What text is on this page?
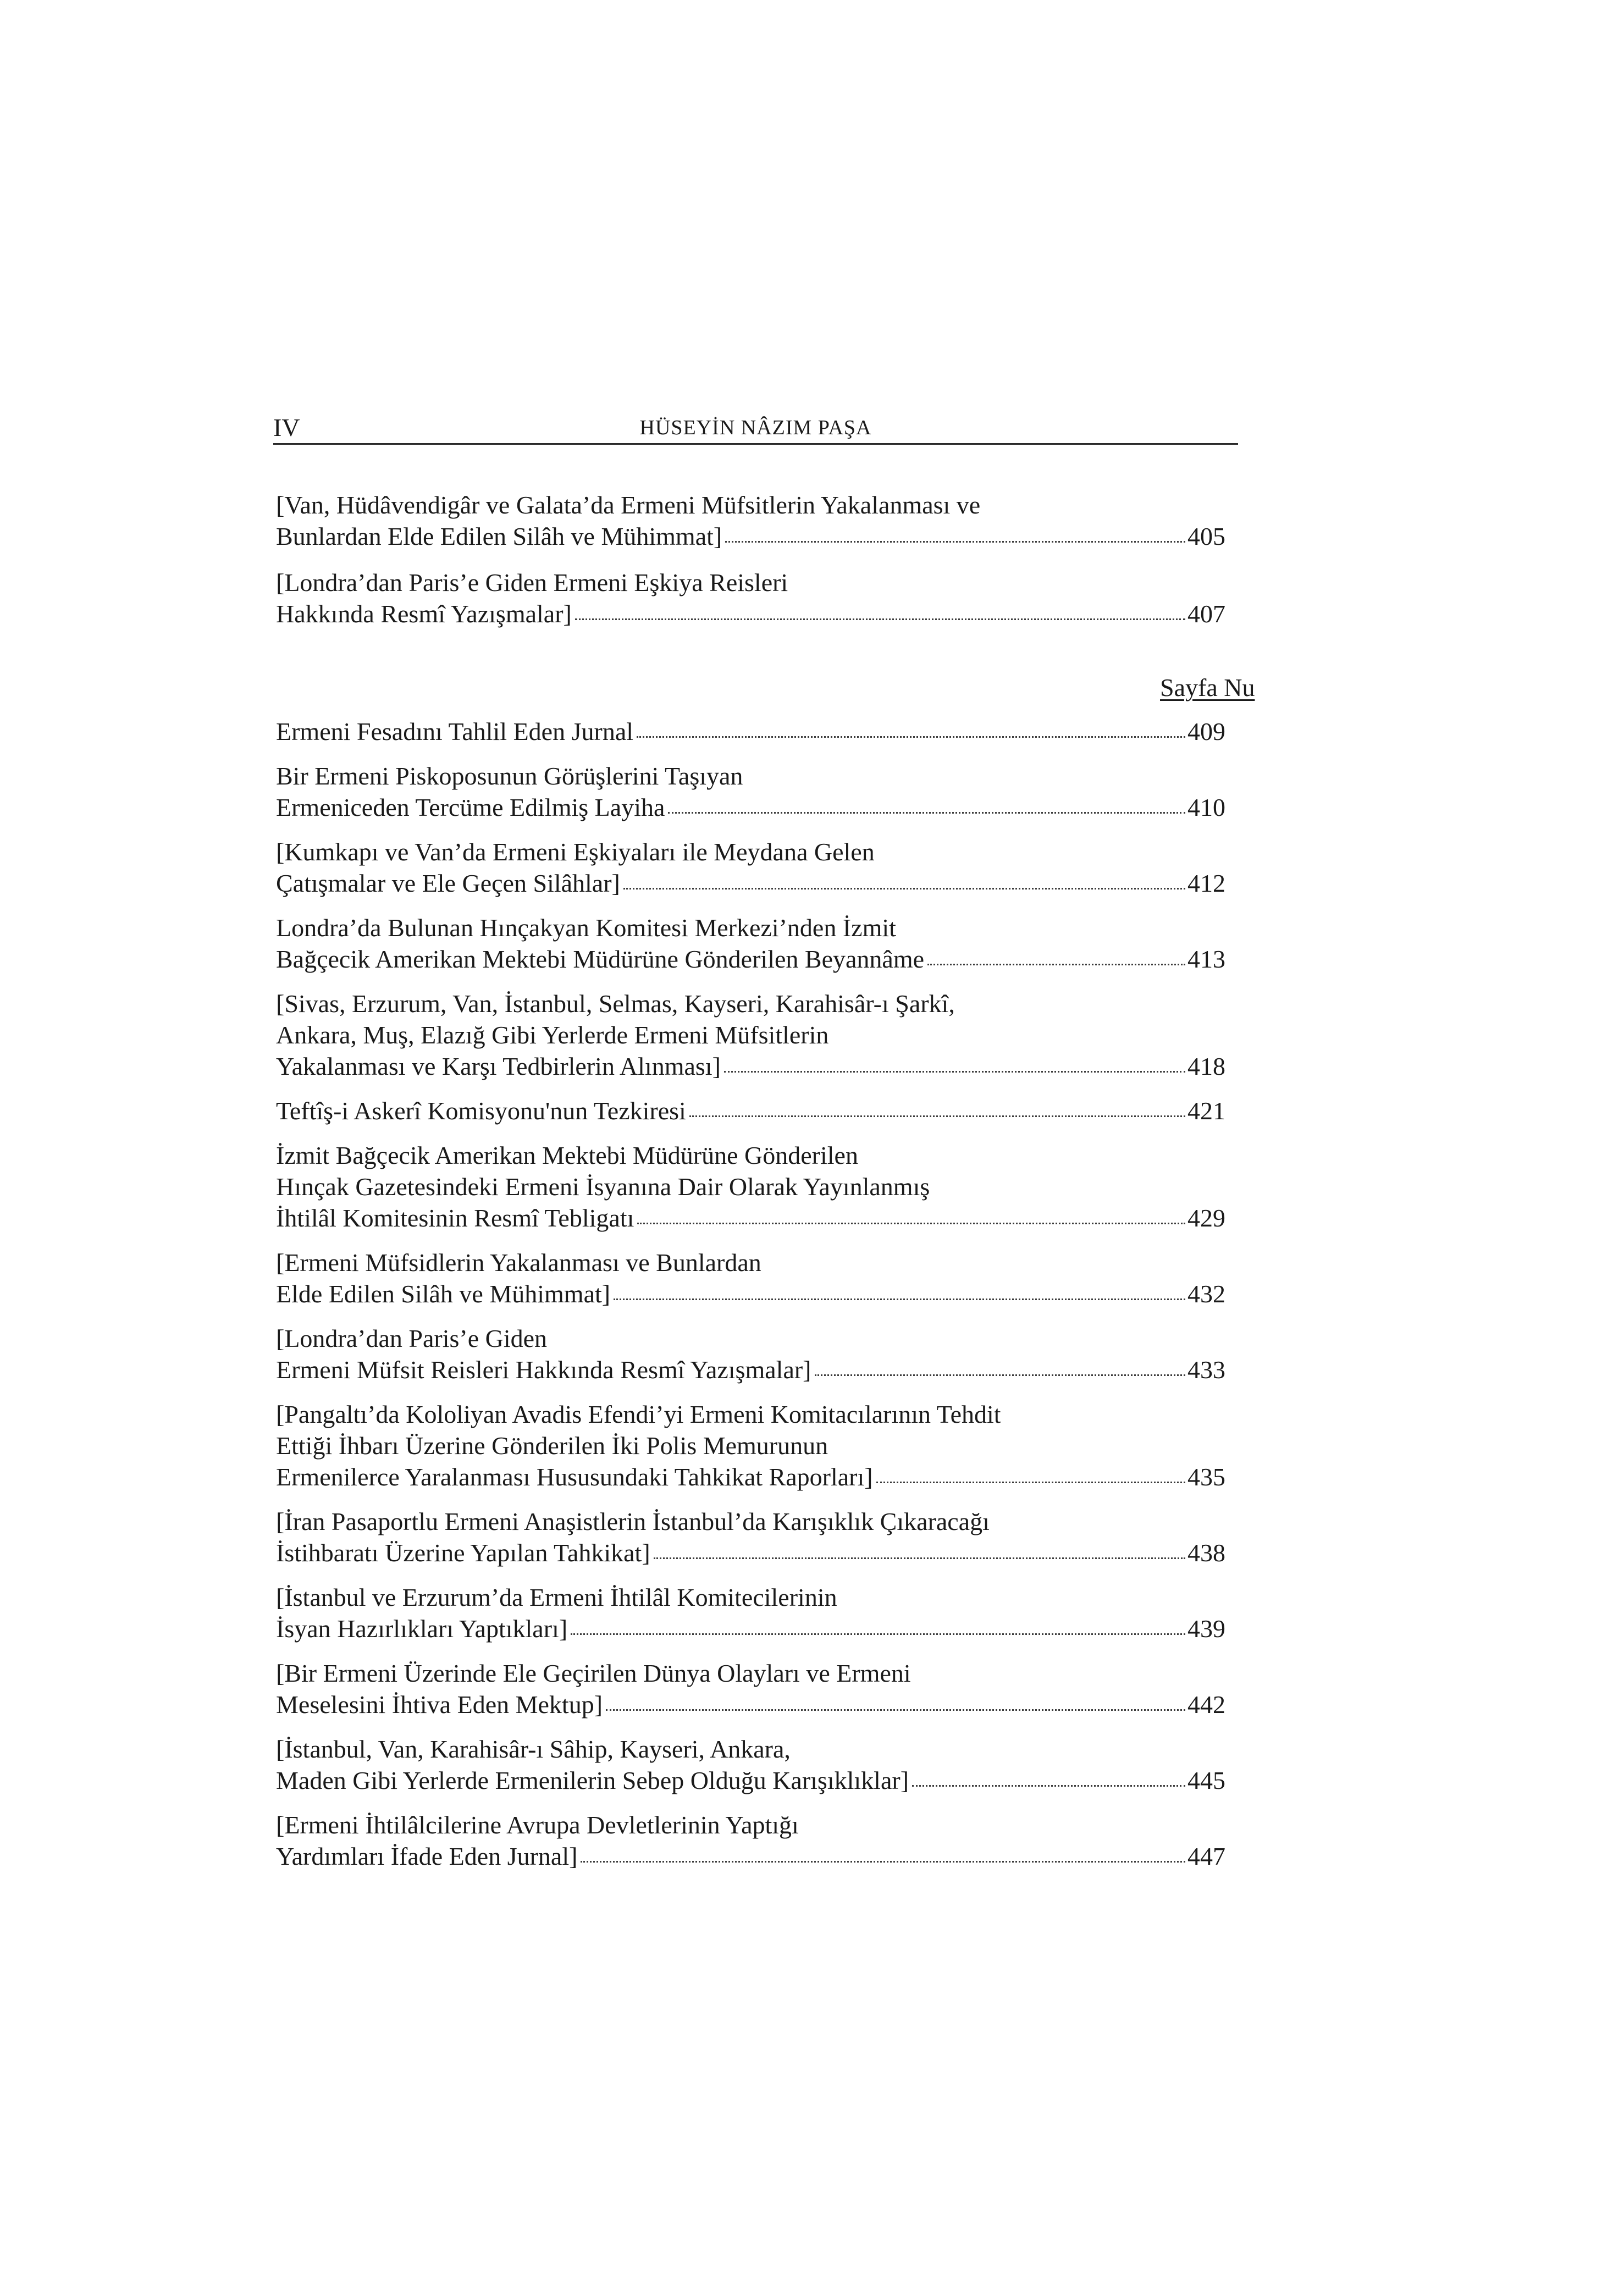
IV	HÜSEYİN NÂZIM PAŞA
[Van, Hüdâvendigâr ve Galata’da Ermeni Müfsitlerin Yakalanması ve
Bunlardan Elde Edilen Silâh ve Mühimmat]	405
[Londra’dan Paris’e Giden Ermeni Eşkiya Reisleri
Hakkında Resmî Yazışmalar]	407
Sayfa Nu
Ermeni Fesadını Tahlil Eden Jurnal	409
Bir Ermeni Piskoposunun Görüşlerini Taşıyan
Ermeniceden Tercüme Edilmiş Layiha	410
[Kumkapı ve Van’da Ermeni Eşkiyaları ile Meydana Gelen
Çatışmalar ve Ele Geçen Silâhlar]	412
Londra’da Bulunan Hınçakyan Komitesi Merkezi’nden İzmit
Bağçecik Amerikan Mektebi Müdürüne Gönderilen Beyannâme	413
[Sivas, Erzurum, Van, İstanbul, Selmas, Kayseri, Karahisâr-ı Şarkî,
Ankara, Muş, Elazığ Gibi Yerlerde Ermeni Müfsitlerin
Yakalanması ve Karşı Tedbirlerin Alınması]	418
Teftîş-i Askerî Komisyonu'nun Tezkiresi	421
İzmit Bağçecik Amerikan Mektebi Müdürüne Gönderilen
Hınçak Gazetesindeki Ermeni İsyanına Dair Olarak Yayınlanmış
İhtilâl Komitesinin Resmî Tebligatı	429
[Ermeni Müfsidlerin Yakalanması ve Bunlardan
Elde Edilen Silâh ve Mühimmat]	432
[Londra’dan Paris’e Giden
Ermeni Müfsit Reisleri Hakkında Resmî Yazışmalar]	433
[Pangaltı’da Kololiyan Avadis Efendi’yi Ermeni Komitacılarının Tehdit
Ettiği İhbarı Üzerine Gönderilen İki Polis Memurunun
Ermenilerce Yaralanması Hususundaki Tahkikat Raporları]	435
[İran Pasaportlu Ermeni Anaşistlerin İstanbul’da Karışıklık Çıkaracağı
İstihbaratı Üzerine Yapılan Tahkikat]	438
[İstanbul ve Erzurum’da Ermeni İhtilâl Komitecilerinin
İsyan Hazırlıkları Yaptıkları]	439
[Bir Ermeni Üzerinde Ele Geçirilen Dünya Olayları ve Ermeni
Meselesini İhtiva Eden Mektup]	442
[İstanbul, Van, Karahisâr-ı Sâhip, Kayseri, Ankara,
Maden Gibi Yerlerde Ermenilerin Sebep Olduğu Karışıklıklar]	445
[Ermeni İhtilâlcilerine Avrupa Devletlerinin Yaptığı
Yardımları İfade Eden Jurnal]	447
